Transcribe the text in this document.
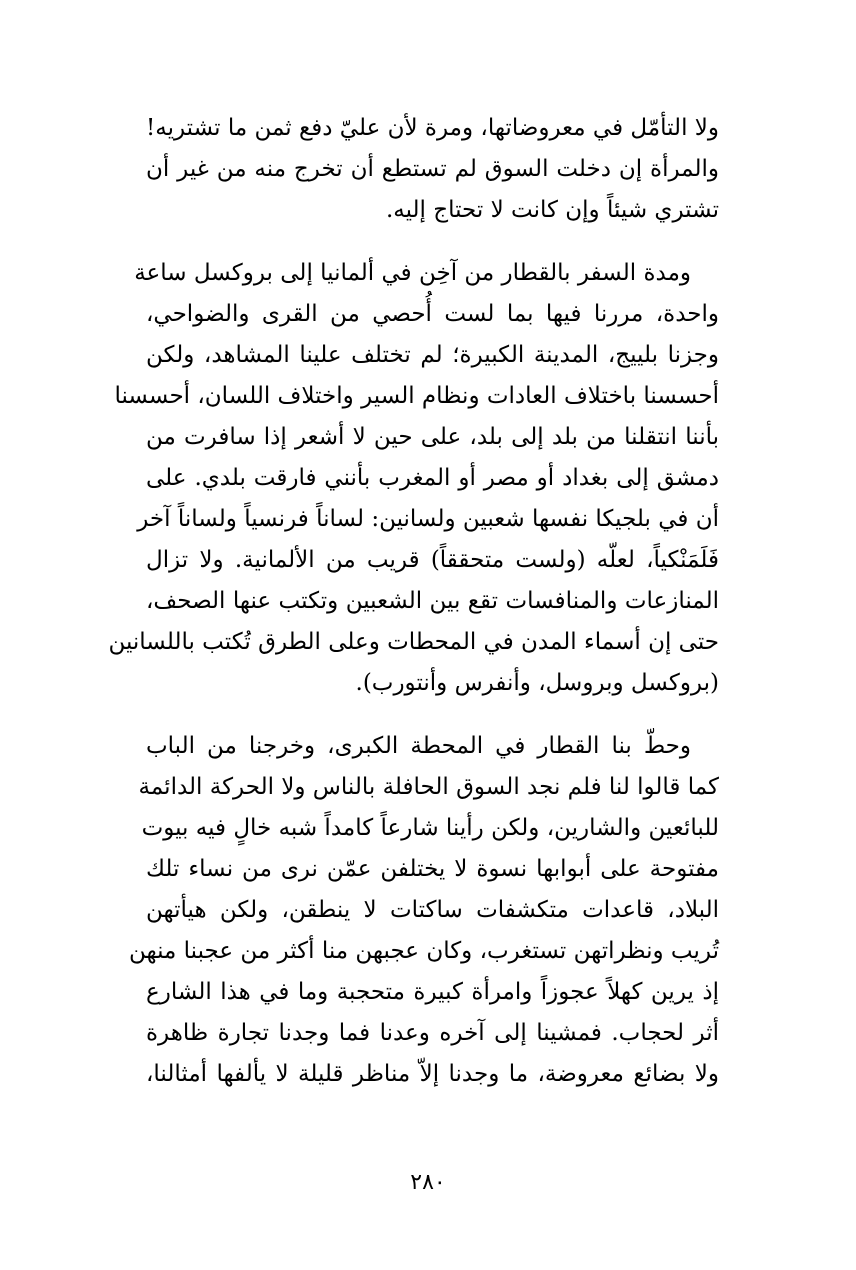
ولا التأمّل في معروضاتها، ومرة لأن عليّ دفع ثمن ما تشتريه!
والمرأة إن دخلت السوق لم تستطع أن تخرج منه من غير أن
تشتري شيئاً وإن كانت لا تحتاج إليه.

ومدة السفر بالقطار من آخِن في ألمانيا إلى بروكسل ساعة
واحدة، مررنا فيها بما لست أُحصي من القرى والضواحي،
وجزنا بلييج، المدينة الكبيرة؛ لم تختلف علينا المشاهد، ولكن
أحسسنا باختلاف العادات ونظام السير واختلاف اللسان، أحسسنا
بأننا انتقلنا من بلد إلى بلد، على حين لا أشعر إذا سافرت من
دمشق إلى بغداد أو مصر أو المغرب بأنني فارقت بلدي. على
أن في بلجيكا نفسها شعبين ولسانين: لساناً فرنسياً ولساناً آخر
فَلَمَنْكياً، لعلّه (ولست متحققاً) قريب من الألمانية. ولا تزال
المنازعات والمنافسات تقع بين الشعبين وتكتب عنها الصحف،
حتى إن أسماء المدن في المحطات وعلى الطرق تُكتب باللسانين
(بروكسل وبروسل، وأنفرس وأنتورب).

وحطّ بنا القطار في المحطة الكبرى، وخرجنا من الباب
كما قالوا لنا فلم نجد السوق الحافلة بالناس ولا الحركة الدائمة
للبائعين والشارين، ولكن رأينا شارعاً كامداً شبه خالٍ فيه بيوت
مفتوحة على أبوابها نسوة لا يختلفن عمّن نرى من نساء تلك
البلاد، قاعدات متكشفات ساكتات لا ينطقن، ولكن هيأتهن
تُريب ونظراتهن تستغرب، وكان عجبهن منا أكثر من عجبنا منهن
إذ يرين كهلاً عجوزاً وامرأة كبيرة متحجبة وما في هذا الشارع
أثر لحجاب. فمشينا إلى آخره وعدنا فما وجدنا تجارة ظاهرة
ولا بضائع معروضة، ما وجدنا إلاّ مناظر قليلة لا يألفها أمثالنا،

٢٨٠
